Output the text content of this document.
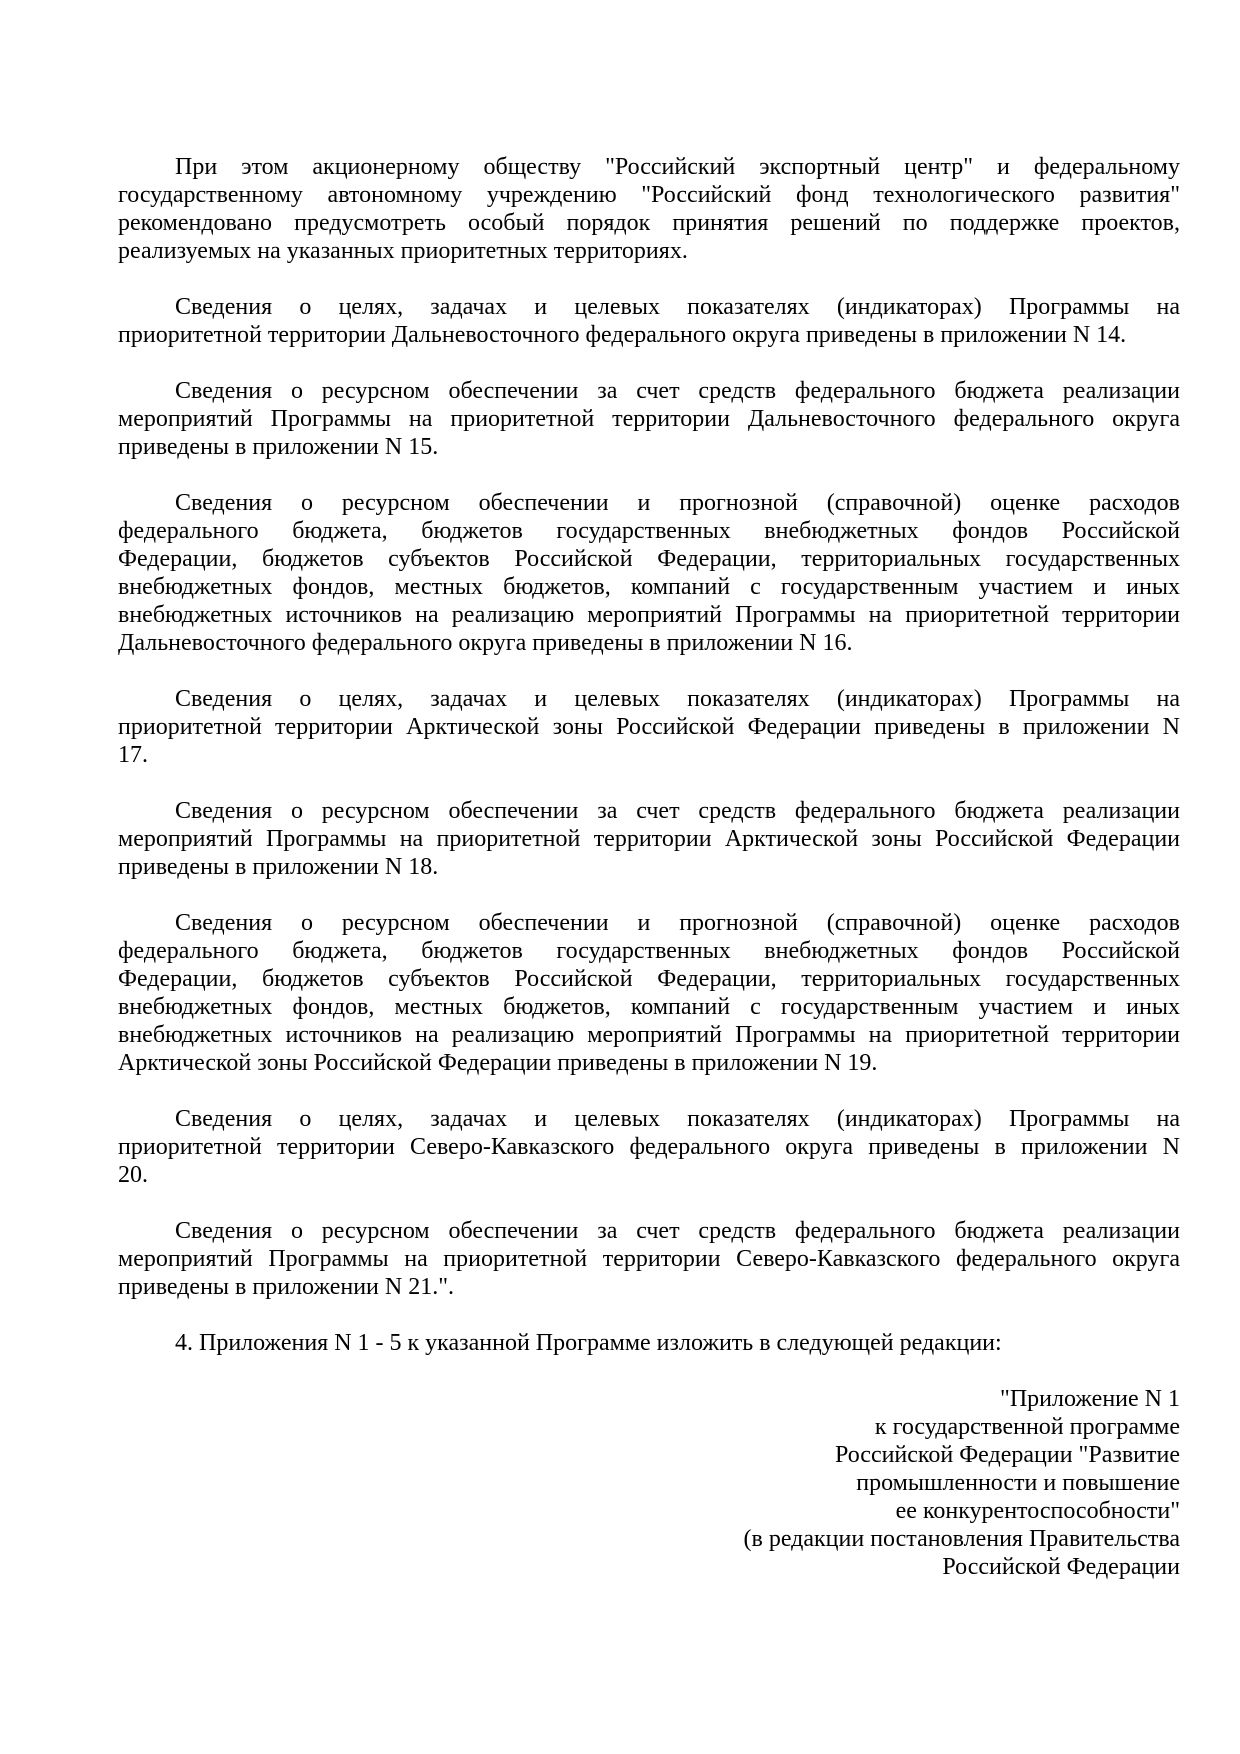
При этом акционерному обществу "Российский экспортный центр" и федеральному
государственному автономному учреждению "Российский фонд технологического развития"
рекомендовано предусмотреть особый порядок принятия решений по поддержке проектов,
реализуемых на указанных приоритетных территориях.

Сведения о целях, задачах и целевых показателях (индикаторах) Программы на
приоритетной территории Дальневосточного федерального округа приведены в приложении N 14.

Сведения о ресурсном обеспечении за счет средств федерального бюджета реализации
мероприятий Программы на приоритетной территории Дальневосточного федерального округа
приведены в приложении N 15.

Сведения о ресурсном обеспечении и прогнозной (справочной) оценке расходов
федерального бюджета, бюджетов государственных внебюджетных фондов Российской
Федерации, бюджетов субъектов Российской Федерации, территориальных государственных
внебюджетных фондов, местных бюджетов, компаний с государственным участием и иных
внебюджетных источников на реализацию мероприятий Программы на приоритетной территории
Дальневосточного федерального округа приведены в приложении N 16.

Сведения о целях, задачах и целевых показателях (индикаторах) Программы на
приоритетной территории Арктической зоны Российской Федерации приведены в приложении N
17.

Сведения о ресурсном обеспечении за счет средств федерального бюджета реализации
мероприятий Программы на приоритетной территории Арктической зоны Российской Федерации
приведены в приложении N 18.

Сведения о ресурсном обеспечении и прогнозной (справочной) оценке расходов
федерального бюджета, бюджетов государственных внебюджетных фондов Российской
Федерации, бюджетов субъектов Российской Федерации, территориальных государственных
внебюджетных фондов, местных бюджетов, компаний с государственным участием и иных
внебюджетных источников на реализацию мероприятий Программы на приоритетной территории
Арктической зоны Российской Федерации приведены в приложении N 19.

Сведения о целях, задачах и целевых показателях (индикаторах) Программы на
приоритетной территории Северо-Кавказского федерального округа приведены в приложении N
20.

Сведения о ресурсном обеспечении за счет средств федерального бюджета реализации
мероприятий Программы на приоритетной территории Северо-Кавказского федерального округа
приведены в приложении N 21.".

4. Приложения N 1 - 5 к указанной Программе изложить в следующей редакции:

"Приложение N 1
к государственной программе
Российской Федерации "Развитие
промышленности и повышение
ее конкурентоспособности"
(в редакции постановления Правительства
Российской Федерации
